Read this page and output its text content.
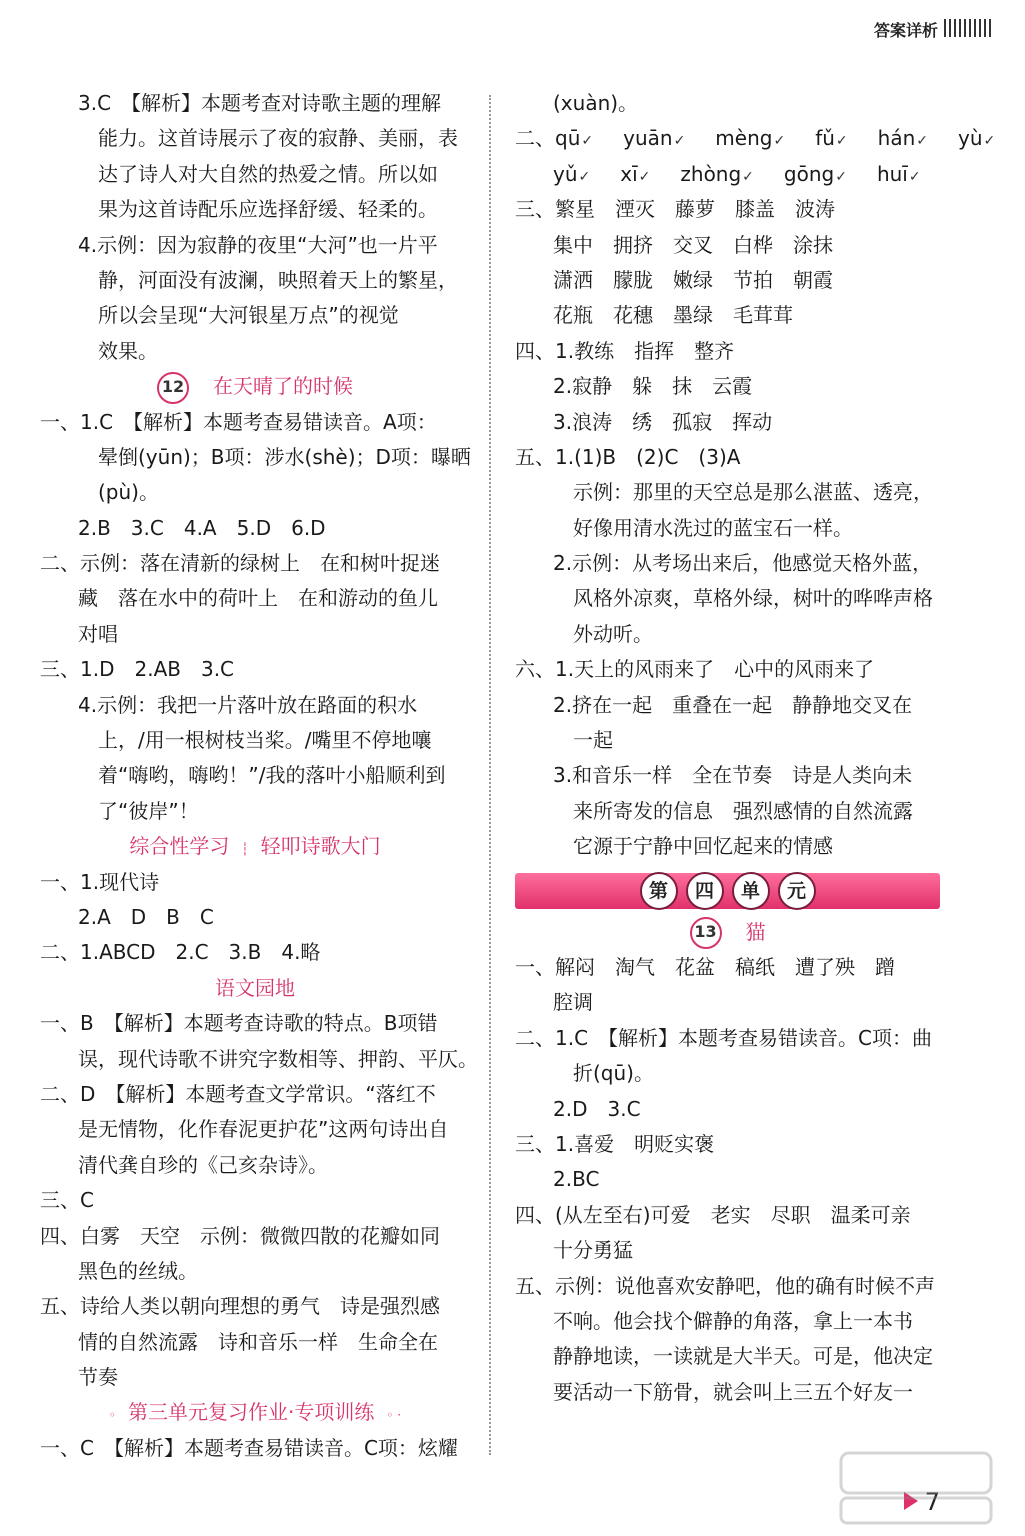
答案详析
3.C　【解析】本题考查对诗歌主题的理解
能力。这首诗展示了夜的寂静、美丽，表
达了诗人对大自然的热爱之情。所以如
果为这首诗配乐应选择舒缓、轻柔的。
4.示例：因为寂静的夜里“大河”也一片平
静，河面没有波澜，映照着天上的繁星，
所以会呈现“大河银星万点”的视觉
效果。
12 在天晴了的时候
一、1.C　【解析】本题考查易错读音。A项：
晕倒(yūn)；B项：涉水(shè)；D项：曝晒
(pù)。
2.B　3.C　4.A　5.D　6.D
二、示例：落在清新的绿树上　在和树叶捉迷
藏　落在水中的荷叶上　在和游动的鱼儿
对唱
三、1.D　2.AB　3.C
4.示例：我把一片落叶放在路面的积水
上，/用一根树枝当桨。/嘴里不停地嚷
着“嗨哟，嗨哟！”/我的落叶小船顺利到
了“彼岸”！
综合性学习　┆　轻叩诗歌大门
一、1.现代诗
2.A　D　B　C
二、1.ABCD　2.C　3.B　4.略
语文园地
一、B　【解析】本题考查诗歌的特点。B项错
误，现代诗歌不讲究字数相等、押韵、平仄。
二、D　【解析】本题考查文学常识。“落红不
是无情物，化作春泥更护花”这两句诗出自
清代龚自珍的《己亥杂诗》。
三、C
四、白雾　天空　示例：微微四散的花瓣如同
黑色的丝绒。
五、诗给人类以朝向理想的勇气　诗是强烈感
情的自然流露　诗和音乐一样　生命全在
节奏
◦　第三单元复习作业·专项训练　◦ ·
一、C　【解析】本题考查易错读音。C项：炫耀
(xuàn)。
二、qū✓ yuān✓ mèng✓ fǔ✓ hán✓ yù✓
yǔ✓ xī✓ zhòng✓ gōng✓ huī✓
三、繁星　湮灭　藤萝　膝盖　波涛
集中　拥挤　交叉　白桦　涂抹
潇洒　朦胧　嫩绿　节拍　朝霞
花瓶　花穗　墨绿　毛茸茸
四、1.教练　指挥　整齐
2.寂静　躲　抹　云霞
3.浪涛　绣　孤寂　挥动
五、1.(1)B　(2)C　(3)A
示例：那里的天空总是那么湛蓝、透亮，
好像用清水洗过的蓝宝石一样。
2.示例：从考场出来后，他感觉天格外蓝，
风格外凉爽，草格外绿，树叶的哗哗声格
外动听。
六、1.天上的风雨来了　心中的风雨来了
2.挤在一起　重叠在一起　静静地交叉在
一起
3.和音乐一样　全在节奏　诗是人类向未
来所寄发的信息　强烈感情的自然流露
它源于宁静中回忆起来的情感
第	四	单	元
13 猫
一、解闷　淘气　花盆　稿纸　遭了殃　蹭
腔调
二、1.C　【解析】本题考查易错读音。C项：曲
折(qū)。
2.D　3.C
三、1.喜爱　明贬实褒
2.BC
四、(从左至右)可爱　老实　尽职　温柔可亲
十分勇猛
五、示例：说他喜欢安静吧，他的确有时候不声
不响。他会找个僻静的角落，拿上一本书
静静地读，一读就是大半天。可是，他决定
要活动一下筋骨，就会叫上三五个好友一
7
